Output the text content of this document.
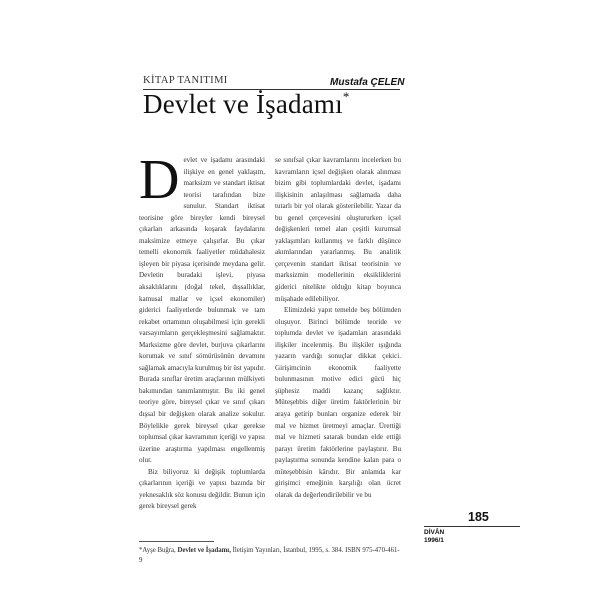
KİTAP TANITIMI	Mustafa ÇELEN
Devlet ve İşadamı*

Devlet ve işadamı arasındaki ilişkiye en genel yaklaşım, marksizm ve standart iktisat teorisi tarafından bize sunulur. Standart iktisat teorisine göre bireyler kendi bireysel çıkarları arkasında koşarak faydalarını maksimize etmeye çalışırlar. Bu çıkar temelli ekonomik faaliyetler müdahalesiz işleyen bir piyasa içerisinde meydana gelir. Devletin buradaki işlevi, piyasa aksaklıklarını (doğal tekel, dışsallıklar, kamusal mallar ve içsel ekonomiler) giderici faaliyetlerde bulunmak ve tam rekabet ortamının oluşabilmesi için gerekli varsayımların gerçekleşmesini sağlamaktır. Marksizme göre devlet, burjuva çıkarlarını korumak ve sınıf sömürüsünün devamını sağlamak amacıyla kurulmuş bir üst yapıdır. Burada sınıflar üretim araçlarının mülkiyeti bakımından tanımlanmıştır. Bu iki genel teoriye göre, bireysel çıkar ve sınıf çıkarı dışsal bir değişken olarak analize sokulur. Böylelikle gerek bireysel çıkar gerekse toplumsal çıkar kavramının içeriği ve yapısı üzerine araştırma yapılması engellenmiş olur.

Biz biliyoruz ki değişik toplumlarda çıkarlarının içeriği ve yapısı bazında bir yeknesaklık söz konusu değildir. Bunun için gerek bireysel gerek

se sınıfsal çıkar kavramlarını incelerken bu kavramların içsel değişken olarak alınması bizim gibi toplumlardaki devlet, işadamı ilişkisinin anlaşılması sağlamada daha tutarlı bir yol olarak gösterilebilir. Yazar da bu genel çerçevesini oluştururken içsel değişkenleri temel alan çeşitli kurumsal yaklaşımları kullanmış ve farklı düşünce akımlarından yararlanmış. Bu analitik çerçevenin standart iktisat teorisinin ve marksizmin modellerinin eksikliklerini giderici nitelikte olduğu kitap boyunca müşahade edilebiliyor.

Elimizdeki yapıt temelde beş bölümden oluşuyor. Birinci bölümde teoride ve toplumda devlet ve işadamları arasındaki ilişkiler incelenmiş. Bu ilişkiler ışığında yazarın vardığı sonuçlar dikkat çekici. Girişimcinin ekonomik faaliyette bulunmasının motive edici gücü hiç şüphesiz maddi kazanç sağlıktır. Müteşebbis diğer üretim faktörlerinin bir araya getirip bunları organize ederek bir mal ve hizmet üretmeyi amaçlar. Ürettiği mal ve hizmeti satarak bundan elde ettiği parayı üretim faktörlerine paylaştırır. Bu paylaştırma sonunda kendine kalan para o müteşebbisin kârıdır. Bir anlamda kar girişimci emeğinin karşılığı olan ücret olarak da değerlendirilebilir ve bu

185
DİVÂN
1996/1
*Ayşe Buğra, Devlet ve İşadamı, İletişim Yayınları, İstanbul, 1995, s. 384. ISBN 975-470-461-9
